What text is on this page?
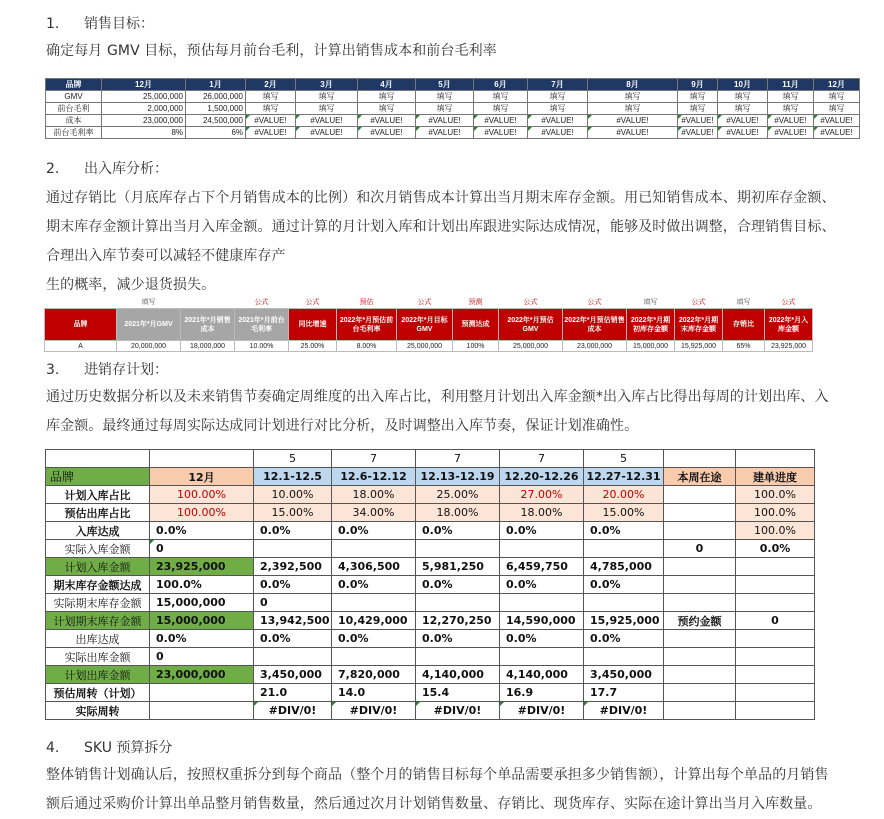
1. 销售目标：
确定每月 GMV 目标，预估每月前台毛利，计算出销售成本和前台毛利率
品牌	12月	1月	2月	3月	4月	5月	6月	7月	8月	9月	10月	11月	12月
GMV	25,000,000	26,000,000	填写	填写	填写	填写	填写	填写	填写	填写	填写	填写	填写
前台毛利	2,000,000	1,500,000	填写	填写	填写	填写	填写	填写	填写	填写	填写	填写	填写
成本	23,000,000	24,500,000	#VALUE!	#VALUE!	#VALUE!	#VALUE!	#VALUE!	#VALUE!	#VALUE!	#VALUE!	#VALUE!	#VALUE!	#VALUE!
前台毛利率	8%	6%	#VALUE!	#VALUE!	#VALUE!	#VALUE!	#VALUE!	#VALUE!	#VALUE!	#VALUE!	#VALUE!	#VALUE!	#VALUE!
2. 出入库分析：
通过存销比（月底库存占下个月销售成本的比例）和次月销售成本计算出当月期末库存金额。用已知销售成本、期初库存金额、
期末库存金额计算出当月入库金额。通过计算的月计划入库和计划出库跟进实际达成情况，能够及时做出调整，合理销售目标、
合理出入库节奏可以减轻不健康库存产
生的概率，减少退货损失。
	填写		公式	公式	预估	公式	预测	公式	公式	填写	公式	填写	公式
品牌	2021年*月GMV	2021年*月销售成本	2021年*月前台毛利率	同比增速	2022年*月预估前台毛利率	2022年*月目标GMV	预测达成	2022年*月预估GMV	2022年*月预估销售成本	2022年*月期初库存金额	2022年*月期末库存金额	存销比	2022年*月入库金额
A	20,000,000	18,000,000	10.00%	25.00%	8.00%	25,000,000	100%	25,000,000	23,000,000	15,000,000	15,925,000	65%	23,925,000
3. 进销存计划：
通过历史数据分析以及未来销售节奏确定周维度的出入库占比，利用整月计划出入库金额*出入库占比得出每周的计划出库、入
库金额。最终通过每周实际达成同计划进行对比分析，及时调整出入库节奏，保证计划准确性。
		5	7	7	7	5		
品牌	12月	12.1-12.5	12.6-12.12	12.13-12.19	12.20-12.26	12.27-12.31	本周在途	建单进度
计划入库占比	100.00%	10.00%	18.00%	25.00%	27.00%	20.00%		100.0%
预估出库占比	100.00%	15.00%	34.00%	18.00%	18.00%	15.00%		100.0%
入库达成	0.0%	0.0%	0.0%	0.0%	0.0%	0.0%		100.0%
实际入库金额	0						0	0.0%
计划入库金额	23,925,000	2,392,500	4,306,500	5,981,250	6,459,750	4,785,000		
期末库存金额达成	100.0%	0.0%	0.0%	0.0%	0.0%	0.0%		
实际期末库存金额	15,000,000	0						
计划期末库存金额	15,000,000	13,942,500	10,429,000	12,270,250	14,590,000	15,925,000	预约金额	0
出库达成	0.0%	0.0%	0.0%	0.0%	0.0%	0.0%		
实际出库金额	0							
计划出库金额	23,000,000	3,450,000	7,820,000	4,140,000	4,140,000	3,450,000		
预估周转（计划）		21.0	14.0	15.4	16.9	17.7		
实际周转		#DIV/0!	#DIV/0!	#DIV/0!	#DIV/0!	#DIV/0!		
4. SKU 预算拆分
整体销售计划确认后，按照权重拆分到每个商品（整个月的销售目标每个单品需要承担多少销售额），计算出每个单品的月销售
额后通过采购价计算出单品整月销售数量，然后通过次月计划销售数量、存销比、现货库存、实际在途计算出当月入库数量。
